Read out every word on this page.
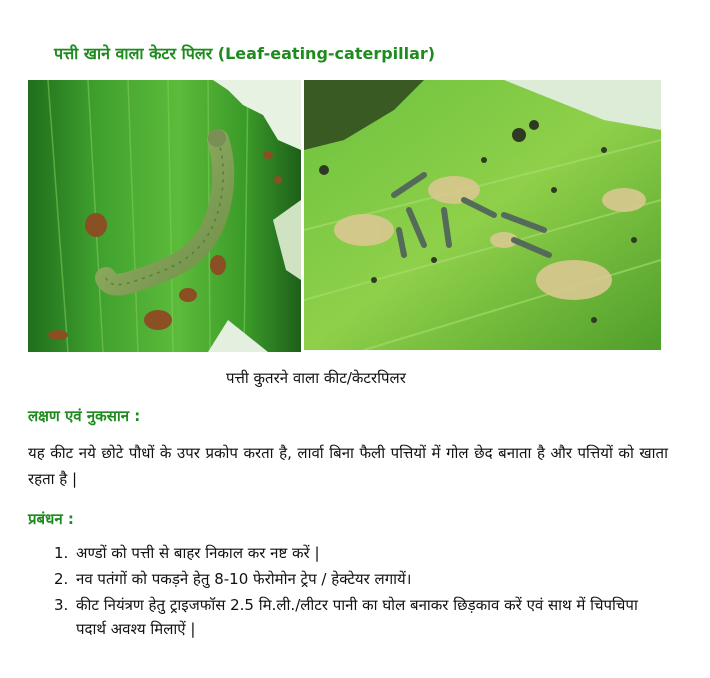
पत्ती खाने वाला केटर पिलर (Leaf-eating-caterpillar)
पत्ती कुतरने वाला कीट/केटरपिलर
लक्षण एवं नुकसान :
यह कीट नये छोटे पौधों के उपर प्रकोप करता है, लार्वा बिना फैली पत्तियों में गोल छेद बनाता है और पत्तियों को खाता रहता है |
प्रबंधन :
1. अण्डों को पत्ती से बाहर निकाल कर नष्ट करें |
2. नव पतंगों को पकड़ने हेतु 8-10 फेरोमोन ट्रेप / हेक्टेयर लगायें।
3. कीट नियंत्रण हेतु ट्राइजफॉस 2.5 मि.ली./लीटर पानी का घोल बनाकर छिड़काव करें एवं साथ में चिपचिपा पदार्थ अवश्य मिलाऐं |
